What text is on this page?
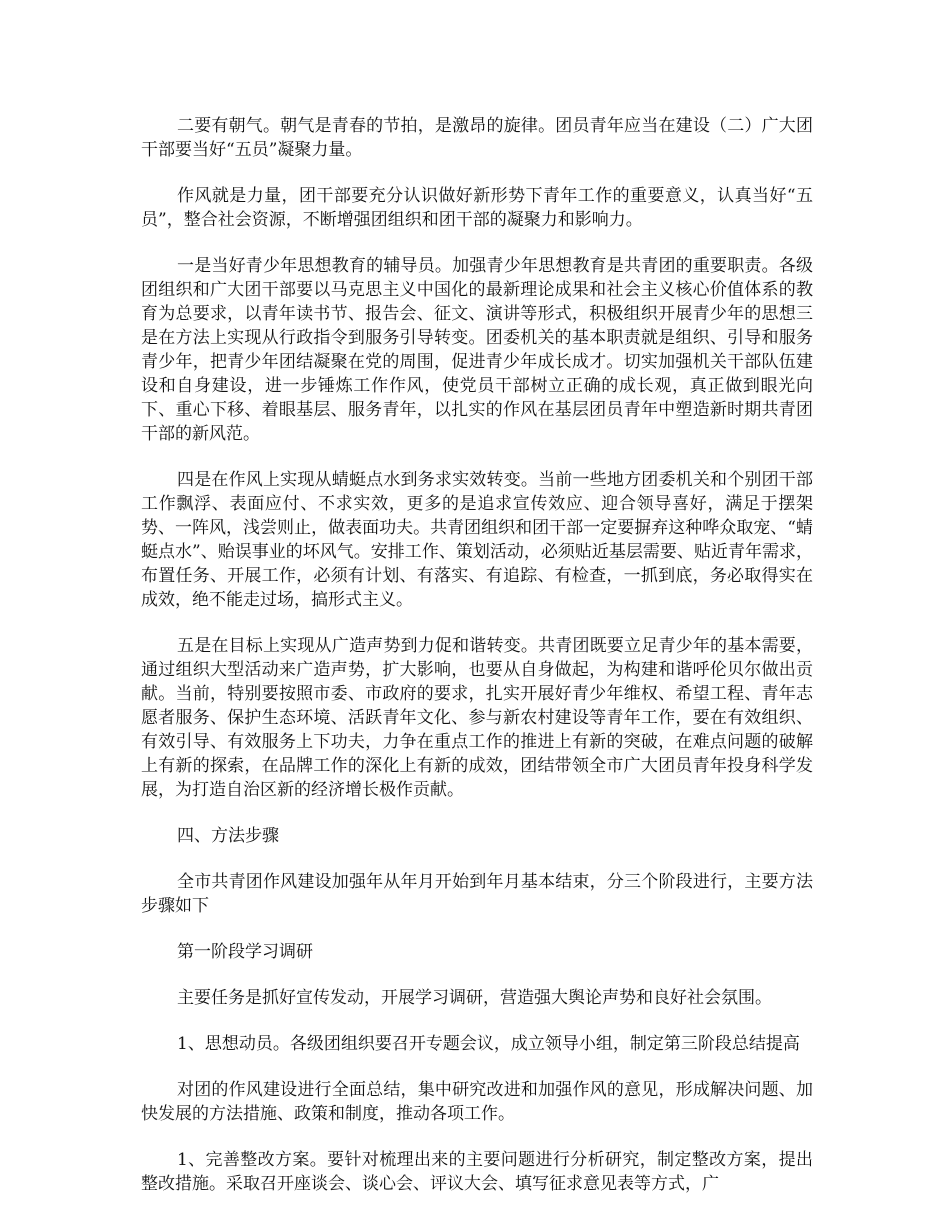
二要有朝气。朝气是青春的节拍，是激昂的旋律。团员青年应当在建设（二）广大团干部要当好“五员”凝聚力量。

作风就是力量，团干部要充分认识做好新形势下青年工作的重要意义，认真当好“五员”，整合社会资源，不断增强团组织和团干部的凝聚力和影响力。

一是当好青少年思想教育的辅导员。加强青少年思想教育是共青团的重要职责。各级团组织和广大团干部要以马克思主义中国化的最新理论成果和社会主义核心价值体系的教育为总要求，以青年读书节、报告会、征文、演讲等形式，积极组织开展青少年的思想三是在方法上实现从行政指令到服务引导转变。团委机关的基本职责就是组织、引导和服务青少年，把青少年团结凝聚在党的周围，促进青少年成长成才。切实加强机关干部队伍建设和自身建设，进一步锤炼工作作风，使党员干部树立正确的成长观，真正做到眼光向下、重心下移、着眼基层、服务青年，以扎实的作风在基层团员青年中塑造新时期共青团干部的新风范。

四是在作风上实现从蜻蜓点水到务求实效转变。当前一些地方团委机关和个别团干部工作飘浮、表面应付、不求实效，更多的是追求宣传效应、迎合领导喜好，满足于摆架势、一阵风，浅尝则止，做表面功夫。共青团组织和团干部一定要摒弃这种哗众取宠、“蜻蜓点水”、贻误事业的坏风气。安排工作、策划活动，必须贴近基层需要、贴近青年需求，布置任务、开展工作，必须有计划、有落实、有追踪、有检查，一抓到底，务必取得实在成效，绝不能走过场，搞形式主义。

五是在目标上实现从广造声势到力促和谐转变。共青团既要立足青少年的基本需要，通过组织大型活动来广造声势，扩大影响，也要从自身做起，为构建和谐呼伦贝尔做出贡献。当前，特别要按照市委、市政府的要求，扎实开展好青少年维权、希望工程、青年志愿者服务、保护生态环境、活跃青年文化、参与新农村建设等青年工作，要在有效组织、有效引导、有效服务上下功夫，力争在重点工作的推进上有新的突破，在难点问题的破解上有新的探索，在品牌工作的深化上有新的成效，团结带领全市广大团员青年投身科学发展，为打造自治区新的经济增长极作贡献。

四、方法步骤

全市共青团作风建设加强年从年月开始到年月基本结束，分三个阶段进行，主要方法步骤如下

第一阶段学习调研

主要任务是抓好宣传发动，开展学习调研，营造强大舆论声势和良好社会氛围。

1、思想动员。各级团组织要召开专题会议，成立领导小组，制定第三阶段总结提高

对团的作风建设进行全面总结，集中研究改进和加强作风的意见，形成解决问题、加快发展的方法措施、政策和制度，推动各项工作。

1、完善整改方案。要针对梳理出来的主要问题进行分析研究，制定整改方案，提出整改措施。采取召开座谈会、谈心会、评议大会、填写征求意见表等方式，广
